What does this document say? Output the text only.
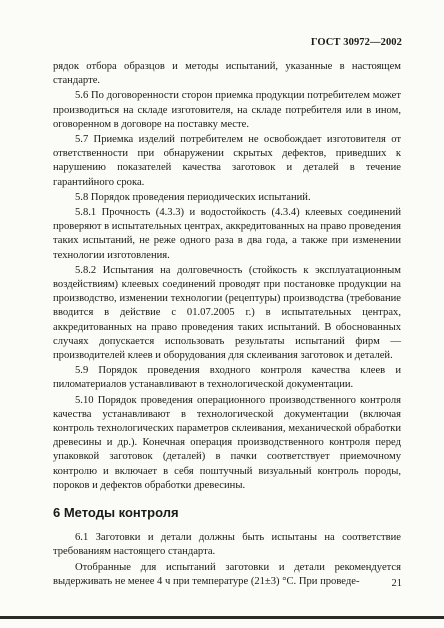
ГОСТ 30972—2002

рядок отбора образцов и методы испытаний, указанные в настоящем стандарте.

5.6 По договоренности сторон приемка продукции потребителем может производиться на складе изготовителя, на складе потребителя или в ином, оговоренном в договоре на поставку месте.

5.7 Приемка изделий потребителем не освобождает изготовителя от ответственности при обнаружении скрытых дефектов, приведших к нарушению показателей качества заготовок и деталей в течение гарантийного срока.

5.8 Порядок проведения периодических испытаний.

5.8.1 Прочность (4.3.3) и водостойкость (4.3.4) клеевых соединений проверяют в испытательных центрах, аккредитованных на право проведения таких испытаний, не реже одного раза в два года, а также при изменении технологии изготовления.

5.8.2 Испытания на долговечность (стойкость к эксплуатационным воздействиям) клеевых соединений проводят при постановке продукции на производство, изменении технологии (рецептуры) производства (требование вводится в действие с 01.07.2005 г.) в испытательных центрах, аккредитованных на право проведения таких испытаний. В обоснованных случаях допускается использовать результаты испытаний фирм — производителей клеев и оборудования для склеивания заготовок и деталей.

5.9 Порядок проведения входного контроля качества клеев и пиломатериалов устанавливают в технологической документации.

5.10 Порядок проведения операционного производственного контроля качества устанавливают в технологической документации (включая контроль технологических параметров склеивания, механической обработки древесины и др.). Конечная операция производственного контроля перед упаковкой заготовок (деталей) в пачки соответствует приемочному контролю и включает в себя поштучный визуальный контроль породы, пороков и дефектов обработки древесины.

6 Методы контроля

6.1 Заготовки и детали должны быть испытаны на соответствие требованиям настоящего стандарта.

Отобранные для испытаний заготовки и детали рекомендуется выдерживать не менее 4 ч при температуре (21±3) °С. При проведе-	21
